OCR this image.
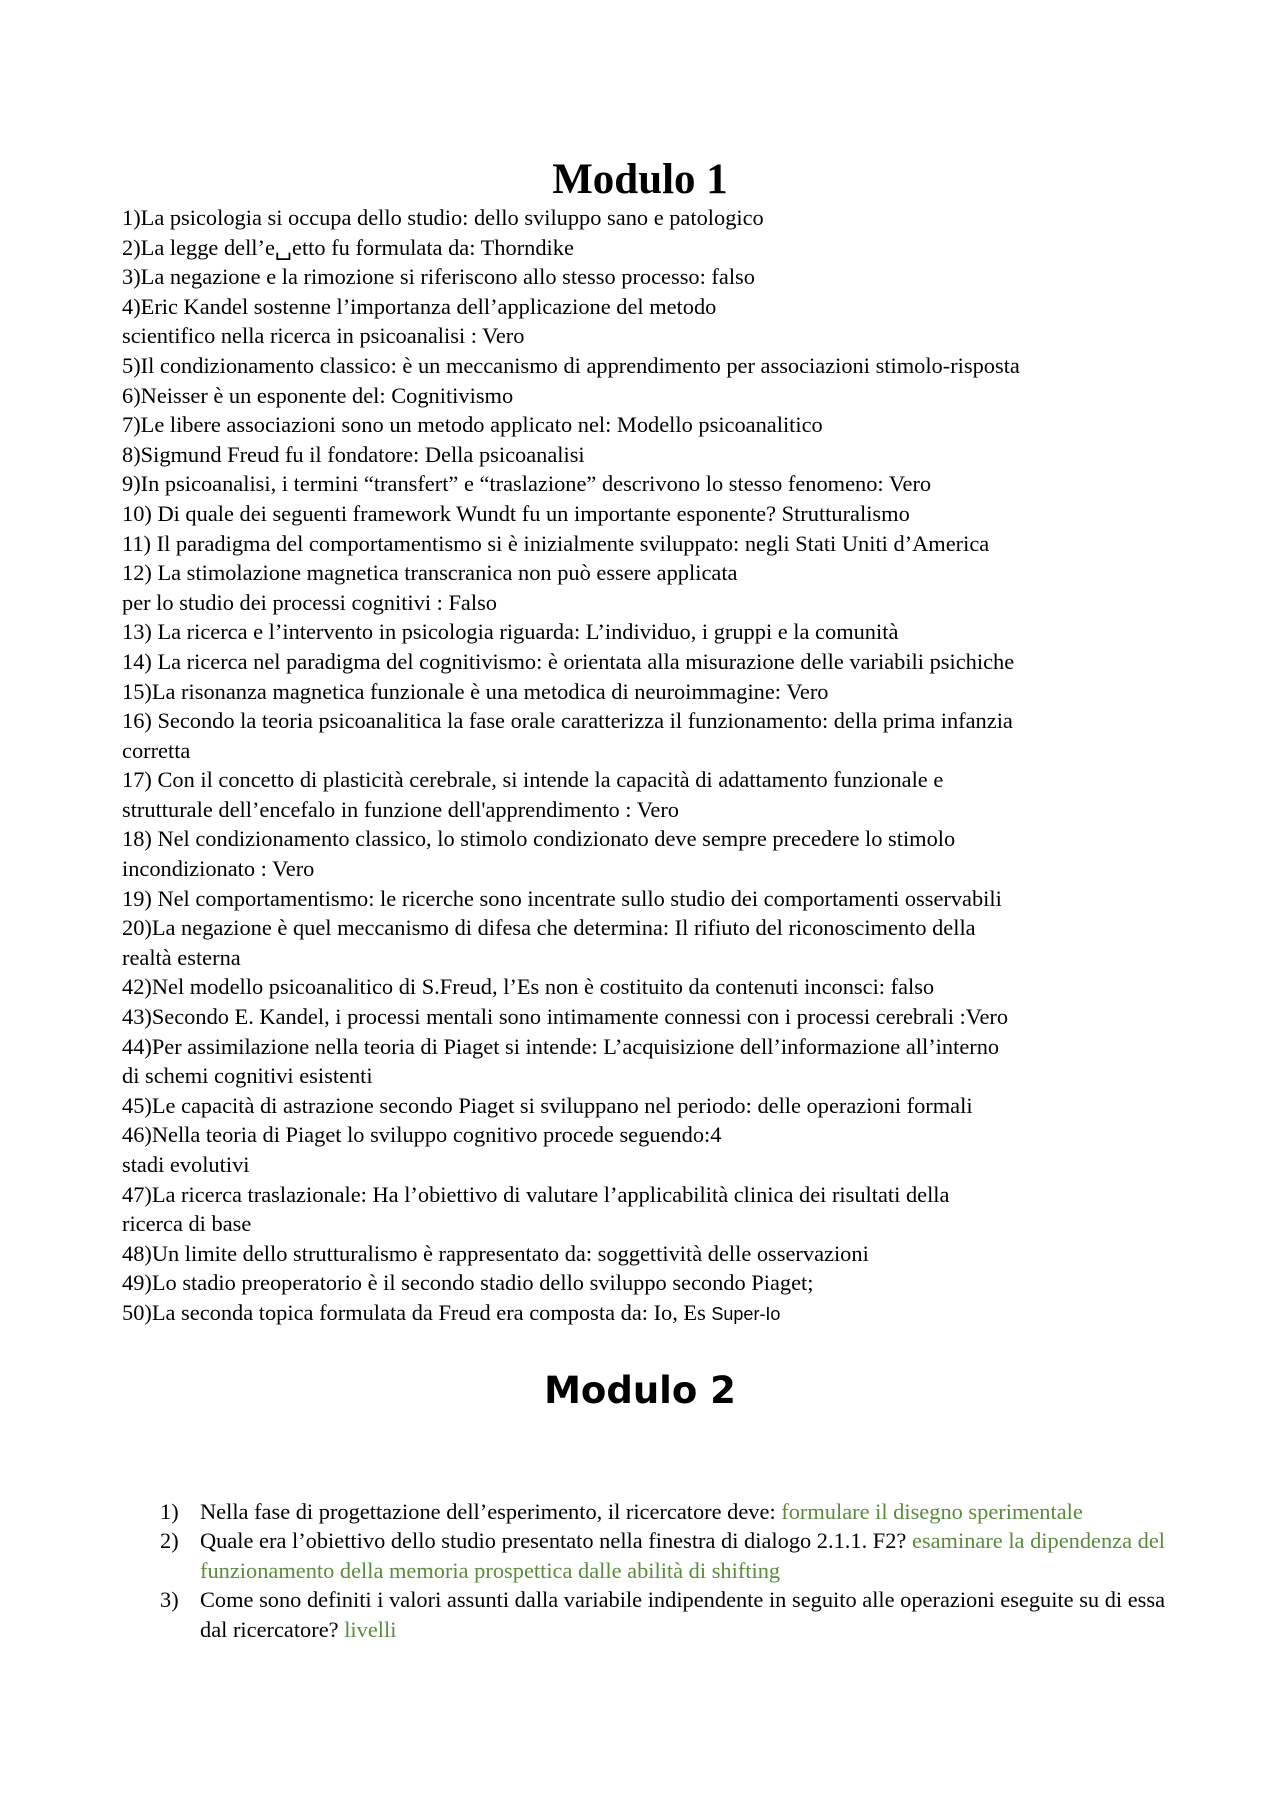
Modulo 1
1)La psicologia si occupa dello studio: dello sviluppo sano e patologico
2)La legge dell’e␣etto fu formulata da: Thorndike
3)La negazione e la rimozione si riferiscono allo stesso processo: falso
4)Eric Kandel sostenne l’importanza dell’applicazione del metodo
scientifico nella ricerca in psicoanalisi : Vero
5)Il condizionamento classico: è un meccanismo di apprendimento per associazioni stimolo-risposta
6)Neisser è un esponente del: Cognitivismo
7)Le libere associazioni sono un metodo applicato nel: Modello psicoanalitico
8)Sigmund Freud fu il fondatore: Della psicoanalisi
9)In psicoanalisi, i termini “transfert” e “traslazione” descrivono lo stesso fenomeno: Vero
10) Di quale dei seguenti framework Wundt fu un importante esponente? Strutturalismo
11) Il paradigma del comportamentismo si è inizialmente sviluppato: negli Stati Uniti d’America
12) La stimolazione magnetica transcranica non può essere applicata
per lo studio dei processi cognitivi : Falso
13) La ricerca e l’intervento in psicologia riguarda: L’individuo, i gruppi e la comunità
14) La ricerca nel paradigma del cognitivismo: è orientata alla misurazione delle variabili psichiche
15)La risonanza magnetica funzionale è una metodica di neuroimmagine: Vero
16) Secondo la teoria psicoanalitica la fase orale caratterizza il funzionamento: della prima infanzia
corretta
17) Con il concetto di plasticità cerebrale, si intende la capacità di adattamento funzionale e
strutturale dell’encefalo in funzione dell'apprendimento : Vero
18) Nel condizionamento classico, lo stimolo condizionato deve sempre precedere lo stimolo
incondizionato : Vero
19) Nel comportamentismo: le ricerche sono incentrate sullo studio dei comportamenti osservabili
20)La negazione è quel meccanismo di difesa che determina: Il rifiuto del riconoscimento della
realtà esterna
42)Nel modello psicoanalitico di S.Freud, l’Es non è costituito da contenuti inconsci: falso
43)Secondo E. Kandel, i processi mentali sono intimamente connessi con i processi cerebrali :Vero
44)Per assimilazione nella teoria di Piaget si intende: L’acquisizione dell’informazione all’interno
di schemi cognitivi esistenti
45)Le capacità di astrazione secondo Piaget si sviluppano nel periodo: delle operazioni formali
46)Nella teoria di Piaget lo sviluppo cognitivo procede seguendo:4
stadi evolutivi
47)La ricerca traslazionale: Ha l’obiettivo di valutare l’applicabilità clinica dei risultati della
ricerca di base
48)Un limite dello strutturalismo è rappresentato da: soggettività delle osservazioni
49)Lo stadio preoperatorio è il secondo stadio dello sviluppo secondo Piaget;
50)La seconda topica formulata da Freud era composta da: Io, Es Super-Io
Modulo 2
1) Nella fase di progettazione dell’esperimento, il ricercatore deve: formulare il disegno sperimentale
2) Quale era l’obiettivo dello studio presentato nella finestra di dialogo 2.1.1. F2? esaminare la dipendenza del funzionamento della memoria prospettica dalle abilità di shifting
3) Come sono definiti i valori assunti dalla variabile indipendente in seguito alle operazioni eseguite su di essa dal ricercatore? livelli
